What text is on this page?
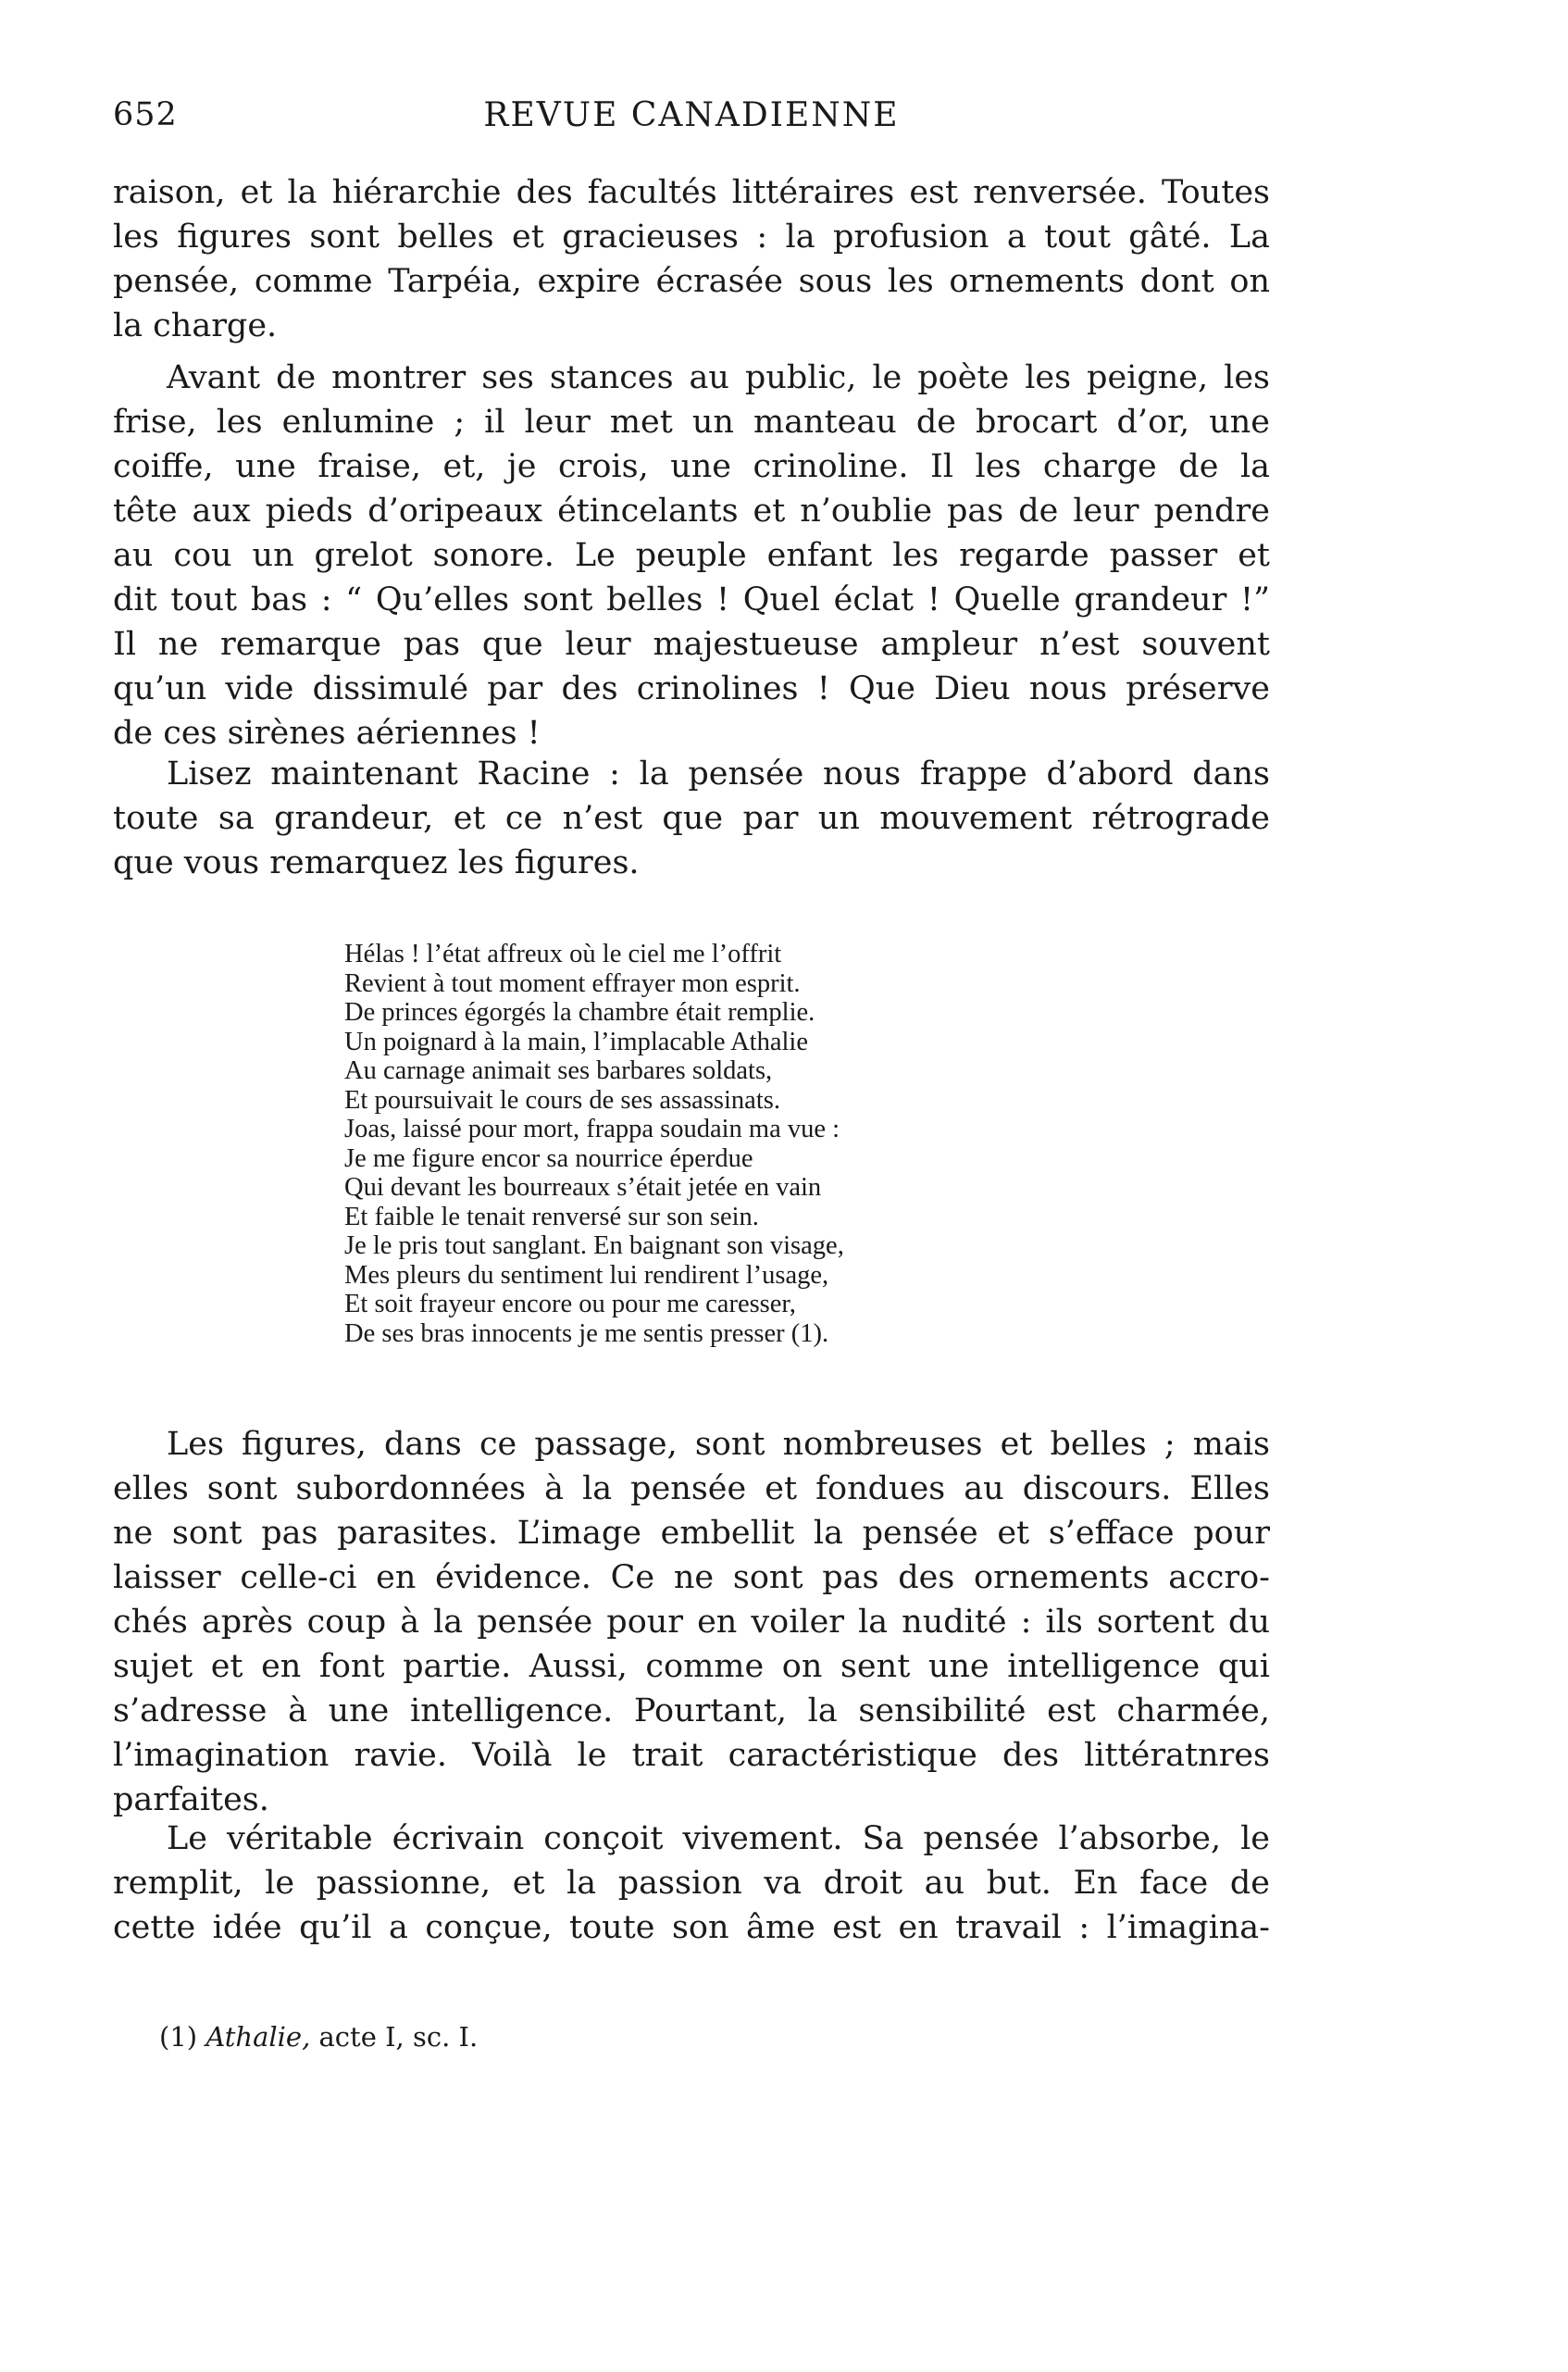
652	REVUE CANADIENNE

raison, et la hiérarchie des facultés littéraires est renversée. Toutes
les figures sont belles et gracieuses : la profusion a tout gâté. La
pensée, comme Tarpéia, expire écrasée sous les ornements dont on
la charge.

Avant de montrer ses stances au public, le poète les peigne, les
frise, les enlumine ; il leur met un manteau de brocart d’or, une
coiffe, une fraise, et, je crois, une crinoline. Il les charge de la
tête aux pieds d’oripeaux étincelants et n’oublie pas de leur pendre
au cou un grelot sonore. Le peuple enfant les regarde passer et
dit tout bas : “ Qu’elles sont belles ! Quel éclat ! Quelle grandeur !”
Il ne remarque pas que leur majestueuse ampleur n’est souvent
qu’un vide dissimulé par des crinolines ! Que Dieu nous préserve
de ces sirènes aériennes !

Lisez maintenant Racine : la pensée nous frappe d’abord dans
toute sa grandeur, et ce n’est que par un mouvement rétrograde
que vous remarquez les figures.

Hélas ! l’état affreux où le ciel me l’offrit
Revient à tout moment effrayer mon esprit.
De princes égorgés la chambre était remplie.
Un poignard à la main, l’implacable Athalie
Au carnage animait ses barbares soldats,
Et poursuivait le cours de ses assassinats.
Joas, laissé pour mort, frappa soudain ma vue :
Je me figure encor sa nourrice éperdue
Qui devant les bourreaux s’était jetée en vain
Et faible le tenait renversé sur son sein.
Je le pris tout sanglant. En baignant son visage,
Mes pleurs du sentiment lui rendirent l’usage,
Et soit frayeur encore ou pour me caresser,
De ses bras innocents je me sentis presser (1).

Les figures, dans ce passage, sont nombreuses et belles ; mais
elles sont subordonnées à la pensée et fondues au discours. Elles
ne sont pas parasites. L’image embellit la pensée et s’efface pour
laisser celle-ci en évidence. Ce ne sont pas des ornements accro-
chés après coup à la pensée pour en voiler la nudité : ils sortent du
sujet et en font partie. Aussi, comme on sent une intelligence qui
s’adresse à une intelligence. Pourtant, la sensibilité est charmée,
l’imagination ravie. Voilà le trait caractéristique des littératnres
parfaites.

Le véritable écrivain conçoit vivement. Sa pensée l’absorbe, le
remplit, le passionne, et la passion va droit au but. En face de
cette idée qu’il a conçue, toute son âme est en travail : l’imagina-

(1) Athalie, acte I, sc. I.
